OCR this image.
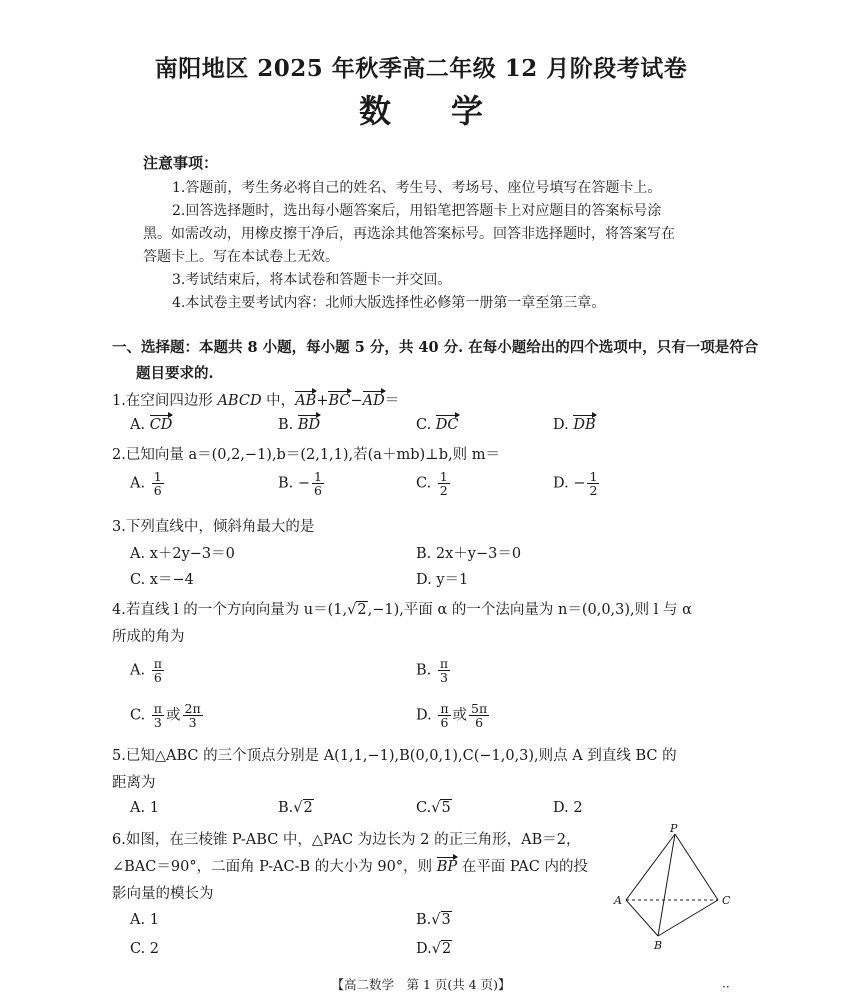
南阳地区 2025 年秋季高二年级 12 月阶段考试卷
数学
注意事项：
1.答题前，考生务必将自己的姓名、考生号、考场号、座位号填写在答题卡上。
2.回答选择题时，选出每小题答案后，用铅笔把答题卡上对应题目的答案标号涂
黑。如需改动，用橡皮擦干净后，再选涂其他答案标号。回答非选择题时，将答案写在
答题卡上。写在本试卷上无效。
3.考试结束后，将本试卷和答题卡一并交回。
4.本试卷主要考试内容：北师大版选择性必修第一册第一章至第三章。
一、选择题：本题共 8 小题，每小题 5 分，共 40 分. 在每小题给出的四个选项中，只有一项是符合
题目要求的.
1.在空间四边形 ABCD 中，AB+BC−AD＝
A. CD	B. BD	C. DC	D. DB
2.已知向量 a＝(0,2,−1),b＝(2,1,1),若(a＋mb)⊥b,则 m＝
A. $\frac{1}{6}$	B. − $\frac{1}{6}$	C. $\frac{1}{2}$	D. − $\frac{1}{2}$
3.下列直线中，倾斜角最大的是
A. x＋2y−3＝0	B. 2x＋y−3＝0
C. x＝−4	D. y＝1
4.若直线 l 的一个方向向量为 u＝(1,√2,−1),平面 α 的一个法向量为 n＝(0,0,3),则 l 与 α
所成的角为
A. $\frac{\pi}{6}$	B. $\frac{\pi}{3}$
C. $\frac{\pi}{3}$ 或 $\frac{2\pi}{3}$	D. $\frac{\pi}{6}$ 或 $\frac{5\pi}{6}$
5.已知△ABC 的三个顶点分别是 A(1,1,−1),B(0,0,1),C(−1,0,3),则点 A 到直线 BC 的
距离为
A. 1	B.√2	C.√5	D. 2
6.如图，在三棱锥 P-ABC 中，△PAC 为边长为 2 的正三角形，AB＝2，
∠BAC＝90°，二面角 P-AC-B 的大小为 90°，则 BP 在平面 PAC 内的投
影向量的模长为
A. 1	B.√3
C. 2	D.√2
P
A	C
B
【高二数学　第 1 页(共 4 页)】	··
